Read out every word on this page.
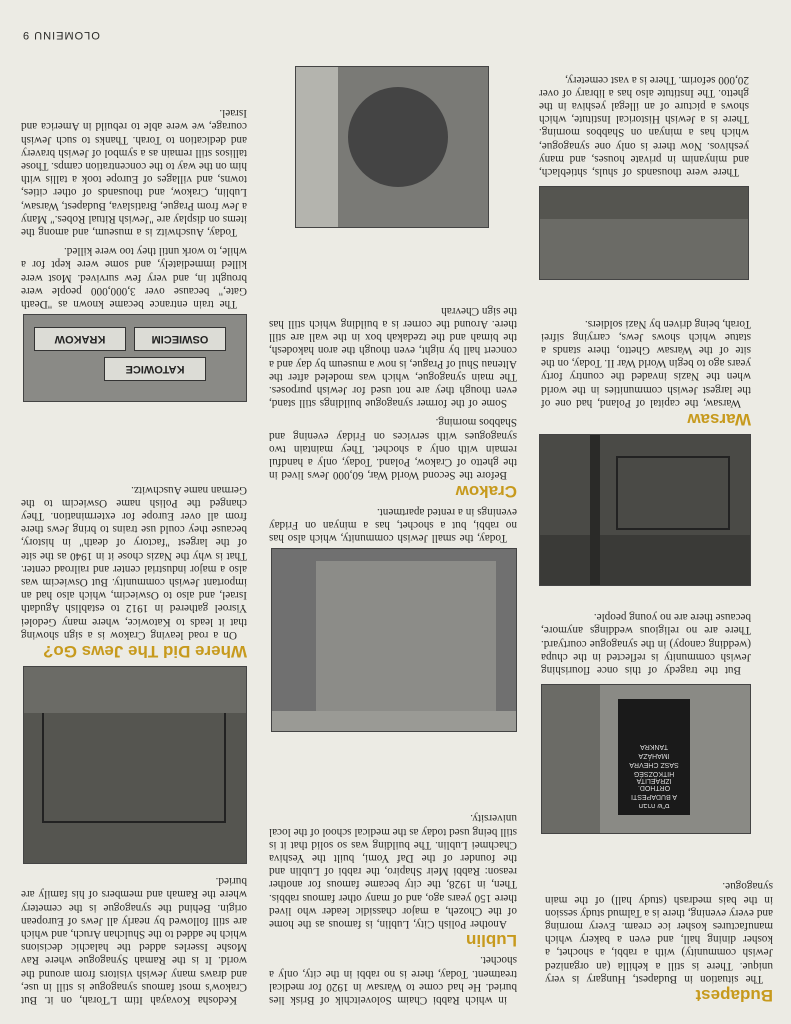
OLOMEINU 9
Budapest

The situation in Budapest, Hungary is very unique. There is still a kehilla (an organized Jewish community) with a rabbi, a shochet, a kosher dining hall, and even a bakery which manufactures kosher ice cream. Every morning and every evening, there is a Talmud study session in the bais medrash (study hall) of the main synagogue.

חברה ש"ס
A BUDAPESTI
ORTHOD. IZRAELITA HITKÖZSÉG
SASZ CHEVRA
IMAHÁZA
TANKRA

But the tragedy of this once flourishing Jewish community is reflected in the chupa (wedding canopy) in the synagogue courtyard. There are no religious weddings anymore, because there are no young people.

Warsaw

Warsaw, the capital of Poland, had one of the largest Jewish communities in the world when the Nazis invaded the country forty years ago to begin World War II. Today, on the site of the Warsaw Ghetto, there stands a statue which shows Jews, carrying sifrei Torah, being driven by Nazi soldiers.

There were thousands of shuls, shtieblach, and minyanim in private houses, and many yeshivos. Now there is only one synagogue, which has a minyan on Shabbos morning. There is a Jewish Historical Institute, which shows a picture of an illegal yeshiva in the ghetto. The Institute also has a library of over 20,000 seforim. There is a vast cemetery,

in which Rabbi Chaim Soloveitchik of Brisk lies buried. He had come to Warsaw in 1920 for medical treatment. Today, there is no rabbi in the city, only a shochet.

Lublin

Another Polish City, Lublin, is famous as the home of the Chozeh, a major chassidic leader who lived there 150 years ago, and of many other famous rabbis. Then, in 1928, the city became famous for another reason: Rabbi Meir Shapiro, the rabbi of Lublin and the founder of the Daf Yomi, built the Yeshiva Chachmei Lublin. The building was so solid that it is still being used today as the medical school of the local university.

Today, the small Jewish community, which also has no rabbi, but a shochet, has a minyan on Friday evenings in a rented apartment.

Crakow

Before the Second World War, 60,000 Jews lived in the ghetto of Crakow, Poland. Today, only a handful remain with only a shochet. They maintain two synagogues with services on Friday evening and Shabbos morning.

Some of the former synagogue buildings still stand, even though they are not used for Jewish purposes. The main synagogue, which was modeled after the Altenau Shul of Prague, is now a museum by day and a concert hall by night, even though the aron hakodesh, the bimah and the tzedakah box in the wall are still there. Around the corner is a building which still has the sign Chevrah

Kedosha Kovayah Itim L'Torah, on it. But Crakow's most famous synagogue is still in use, and draws many Jewish visitors from around the world. It is the Ramah Synagogue where Rav Moshe Isserles added the halachic decisions which he added to the Shulchan Aruch, and which are still followed by nearly all Jews of European origin. Behind the synagogue is the cemetery where the Ramah and members of his family are buried.

Where Did The Jews Go?

On a road leaving Crakow is a sign showing that it leads to Katowice, where many Gedolei Yisroel gathered in 1912 to establish Agudath Israel, and also to Oswiecim, which also had an important Jewish community. But Oswiecim was also a major industrial center and railroad center. That is why the Nazis chose it in 1940 as the site of the largest "factory of death" in history, because they could use trains to bring Jews there from all over Europe for extermination. They changed the Polish name Oswiecim to the German name Auschwitz.

KATOWICE
KRAKOW	OSWIECIM

The train entrance became known as "Death Gate," because over 3,000,000 people were brought in, and very few survived. Most were killed immediately, and some were kept for a while, to work until they too were killed.

Today, Auschwitz is a museum, and among the items on display are "Jewish Ritual Robes." Many a Jew from Prague, Bratislava, Budapest, Warsaw, Lublin, Crakow, and thousands of other cities, towns, and villages of Europe took a tallis with him on the way to the concentration camps. Those tallisos still remain as a symbol of Jewish bravery and dedication to Torah. Thanks to such Jewish courage, we were able to rebuild in America and Israel.
